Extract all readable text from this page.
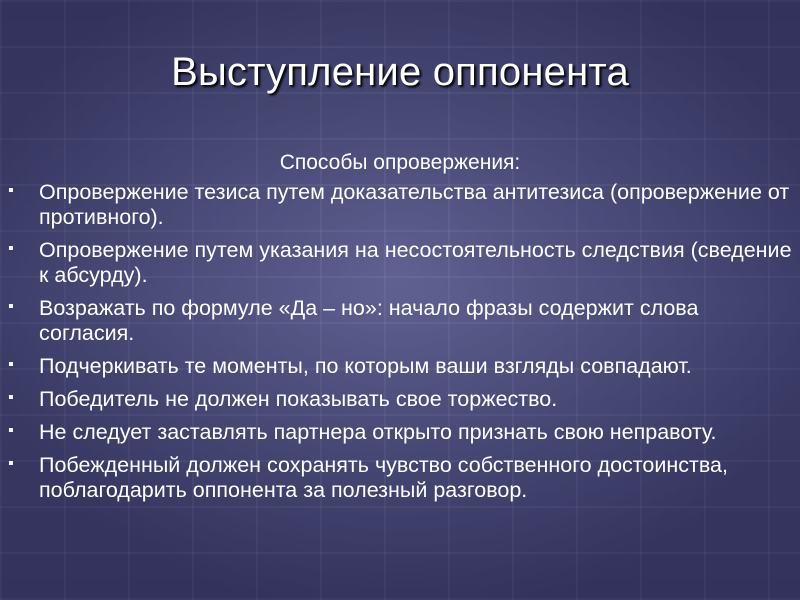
Выступление оппонента
Способы опровержения:
▪ Опровержение тезиса путем доказательства антитезиса (опровержение от противного).
▪ Опровержение путем указания на несостоятельность следствия (сведение к абсурду).
▪ Возражать по формуле «Да – но»: начало фразы содержит слова согласия.
▪ Подчеркивать те моменты, по которым ваши взгляды совпадают.
▪ Победитель не должен показывать свое торжество.
▪ Не следует заставлять партнера открыто признать свою неправоту.
▪ Побежденный должен сохранять чувство собственного достоинства, поблагодарить оппонента за полезный разговор.
